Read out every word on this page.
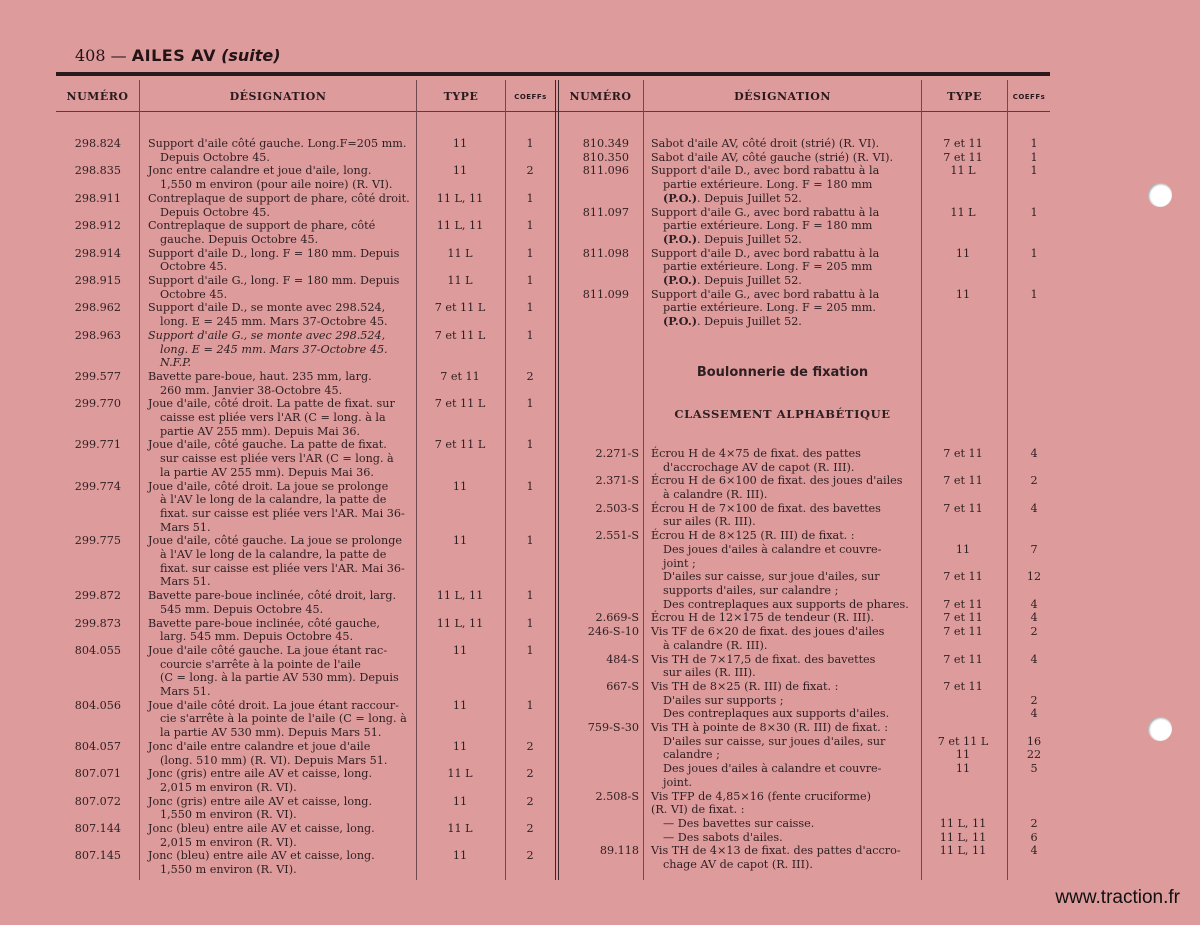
408 — AILES AV (suite)
NUMÉRO	DÉSIGNATION	TYPE	COEFFs	NUMÉRO	DÉSIGNATION	TYPE	COEFFs
298.824 Support d'aile côté gauche. Long.F=205 mm.
Depuis Octobre 45.
11	1
298.835 Jonc entre calandre et joue d'aile, long.
1,550 m environ (pour aile noire) (R. VI).
11	2
298.911 Contreplaque de support de phare, côté droit.
Depuis Octobre 45.
11 L, 11	1
298.912 Contreplaque de support de phare, côté
gauche. Depuis Octobre 45.
11 L, 11	1
298.914 Support d'aile D., long. F = 180 mm. Depuis
Octobre 45.
11 L	1
298.915 Support d'aile G., long. F = 180 mm. Depuis
Octobre 45.
11 L	1
298.962 Support d'aile D., se monte avec 298.524,
long. E = 245 mm. Mars 37-Octobre 45.
7 et 11 L	1
298.963 Support d'aile G., se monte avec 298.524,
long. E = 245 mm. Mars 37-Octobre 45.
N.F.P.
7 et 11 L	1
299.577 Bavette pare-boue, haut. 235 mm, larg.
260 mm. Janvier 38-Octobre 45.
7 et 11	2
299.770 Joue d'aile, côté droit. La patte de fixat. sur
caisse est pliée vers l'AR (C = long. à la
partie AV 255 mm). Depuis Mai 36.
7 et 11 L	1
299.771 Joue d'aile, côté gauche. La patte de fixat.
sur caisse est pliée vers l'AR (C = long. à
la partie AV 255 mm). Depuis Mai 36.
7 et 11 L	1
299.774 Joue d'aile, côté droit. La joue se prolonge
à l'AV le long de la calandre, la patte de
fixat. sur caisse est pliée vers l'AR. Mai 36-
Mars 51.
11	1
299.775 Joue d'aile, côté gauche. La joue se prolonge
à l'AV le long de la calandre, la patte de
fixat. sur caisse est pliée vers l'AR. Mai 36-
Mars 51.
11	1
299.872 Bavette pare-boue inclinée, côté droit, larg.
545 mm. Depuis Octobre 45.
11 L, 11	1
299.873 Bavette pare-boue inclinée, côté gauche,
larg. 545 mm. Depuis Octobre 45.
11 L, 11	1
804.055 Joue d'aile côté gauche. La joue étant rac-
courcie s'arrête à la pointe de l'aile
(C = long. à la partie AV 530 mm). Depuis
Mars 51.
11	1
804.056 Joue d'aile côté droit. La joue étant raccour-
cie s'arrête à la pointe de l'aile (C = long. à
la partie AV 530 mm). Depuis Mars 51.
11	1
804.057 Jonc d'aile entre calandre et joue d'aile
(long. 510 mm) (R. VI). Depuis Mars 51.
11	2
807.071 Jonc (gris) entre aile AV et caisse, long.
2,015 m environ (R. VI).
11 L	2
807.072 Jonc (gris) entre aile AV et caisse, long.
1,550 m environ (R. VI).
11	2
807.144 Jonc (bleu) entre aile AV et caisse, long.
2,015 m environ (R. VI).
11 L	2
807.145 Jonc (bleu) entre aile AV et caisse, long.
1,550 m environ (R. VI).
11	2
810.349 Sabot d'aile AV, côté droit (strié) (R. VI).	7 et 11	1
810.350 Sabot d'aile AV, côté gauche (strié) (R. VI).	7 et 11	1
811.096 Support d'aile D., avec bord rabattu à la
partie extérieure. Long. F = 180 mm
(P.O.). Depuis Juillet 52.
11 L	1
811.097 Support d'aile G., avec bord rabattu à la
partie extérieure. Long. F = 180 mm
(P.O.). Depuis Juillet 52.
11 L	1
811.098 Support d'aile D., avec bord rabattu à la
partie extérieure. Long. F = 205 mm
(P.O.). Depuis Juillet 52.
11	1
811.099 Support d'aile G., avec bord rabattu à la
partie extérieure. Long. F = 205 mm.
(P.O.). Depuis Juillet 52.
11	1
2.271-S Écrou H de 4×75 de fixat. des pattes	7 et 11	4
d'accrochage AV de capot (R. III).
2.371-S Écrou H de 6×100 de fixat. des joues d'ailes	7 et 11	2
à calandre (R. III).
2.503-S Écrou H de 7×100 de fixat. des bavettes	7 et 11	4
sur ailes (R. III).
2.551-S Écrou H de 8×125 (R. III) de fixat. :
Des joues d'ailes à calandre et couvre-	11	7
joint ;
D'ailes sur caisse, sur joue d'ailes, sur	7 et 11	12
supports d'ailes, sur calandre ;
Des contreplaques aux supports de phares.	7 et 11	4
2.669-S Écrou H de 12×175 de tendeur (R. III).	7 et 11	4
246-S-10 Vis TF de 6×20 de fixat. des joues d'ailes	7 et 11	2
à calandre (R. III).
484-S Vis TH de 7×17,5 de fixat. des bavettes	7 et 11	4
sur ailes (R. III).
667-S Vis TH de 8×25 (R. III) de fixat. :	7 et 11
D'ailes sur supports ;	2
Des contreplaques aux supports d'ailes.	4
759-S-30 Vis TH à pointe de 8×30 (R. III) de fixat. :
D'ailes sur caisse, sur joues d'ailes, sur	7 et 11 L	16
calandre ;	11	22
Des joues d'ailes à calandre et couvre-	11	5
joint.
2.508-S Vis TFP de 4,85×16 (fente cruciforme)
(R. VI) de fixat. :
— Des bavettes sur caisse.	11 L, 11	2
— Des sabots d'ailes.	11 L, 11	6
89.118 Vis TH de 4×13 de fixat. des pattes d'accro-	11 L, 11	4
chage AV de capot (R. III).
Boulonnerie de fixation
CLASSEMENT ALPHABÉTIQUE
www.traction.fr
